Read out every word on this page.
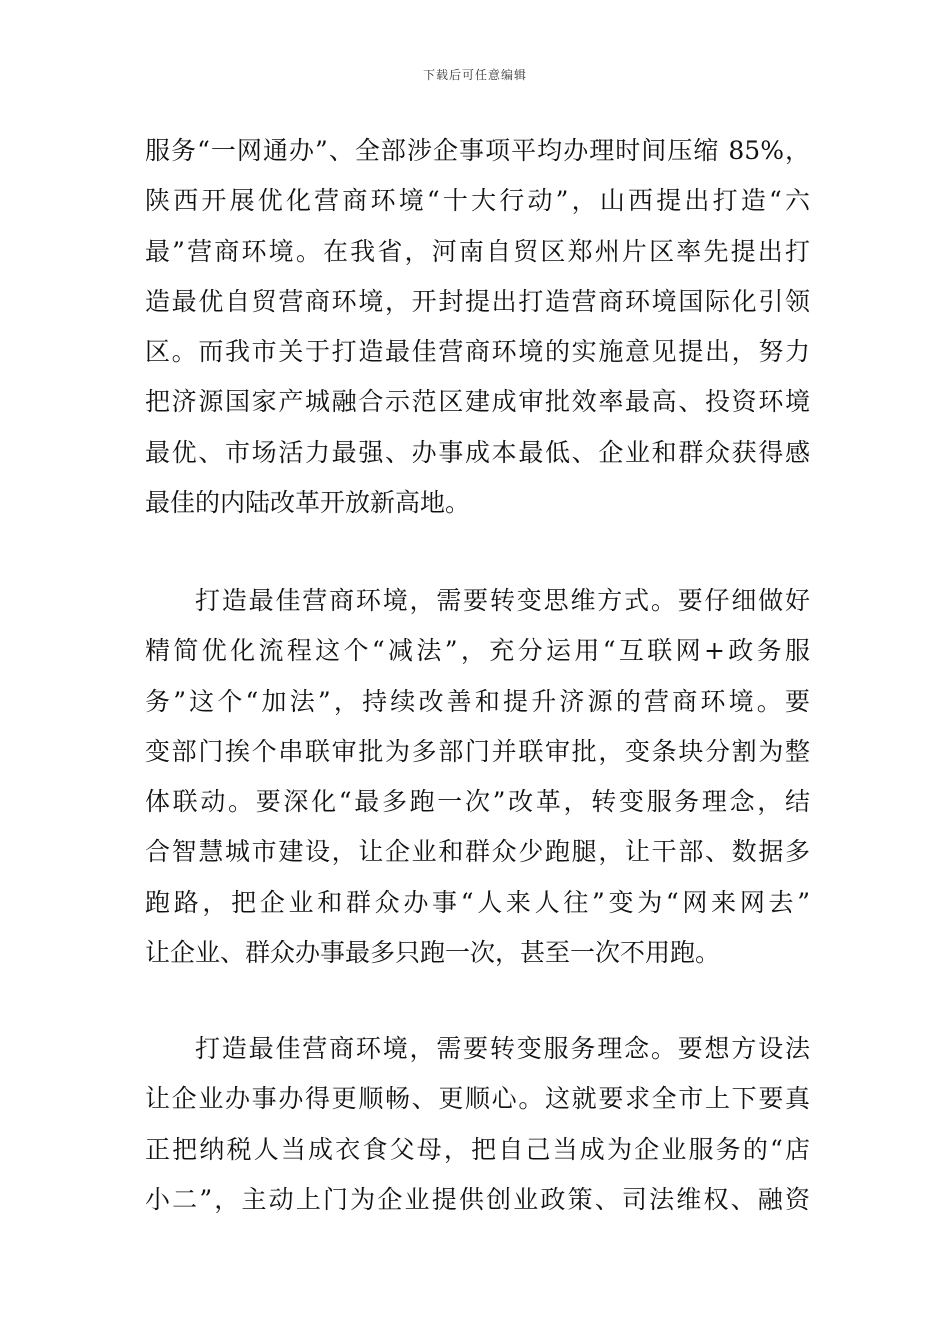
下载后可任意编辑
服务“一网通办”、全部涉企事项平均办理时间压缩 85%，
陕西开展优化营商环境“十大行动”，山西提出打造“六
最”营商环境。在我省，河南自贸区郑州片区率先提出打
造最优自贸营商环境，开封提出打造营商环境国际化引领
区。而我市关于打造最佳营商环境的实施意见提出，努力
把济源国家产城融合示范区建成审批效率最高、投资环境
最优、市场活力最强、办事成本最低、企业和群众获得感
最佳的内陆改革开放新高地。
打造最佳营商环境，需要转变思维方式。要仔细做好
精简优化流程这个“减法”，充分运用“互联网+政务服
务”这个“加法”，持续改善和提升济源的营商环境。要
变部门挨个串联审批为多部门并联审批，变条块分割为整
体联动。要深化“最多跑一次”改革，转变服务理念，结
合智慧城市建设，让企业和群众少跑腿，让干部、数据多
跑路，把企业和群众办事“人来人往”变为“网来网去”
让企业、群众办事最多只跑一次，甚至一次不用跑。
打造最佳营商环境，需要转变服务理念。要想方设法
让企业办事办得更顺畅、更顺心。这就要求全市上下要真
正把纳税人当成衣食父母，把自己当成为企业服务的“店
小二”，主动上门为企业提供创业政策、司法维权、融资
